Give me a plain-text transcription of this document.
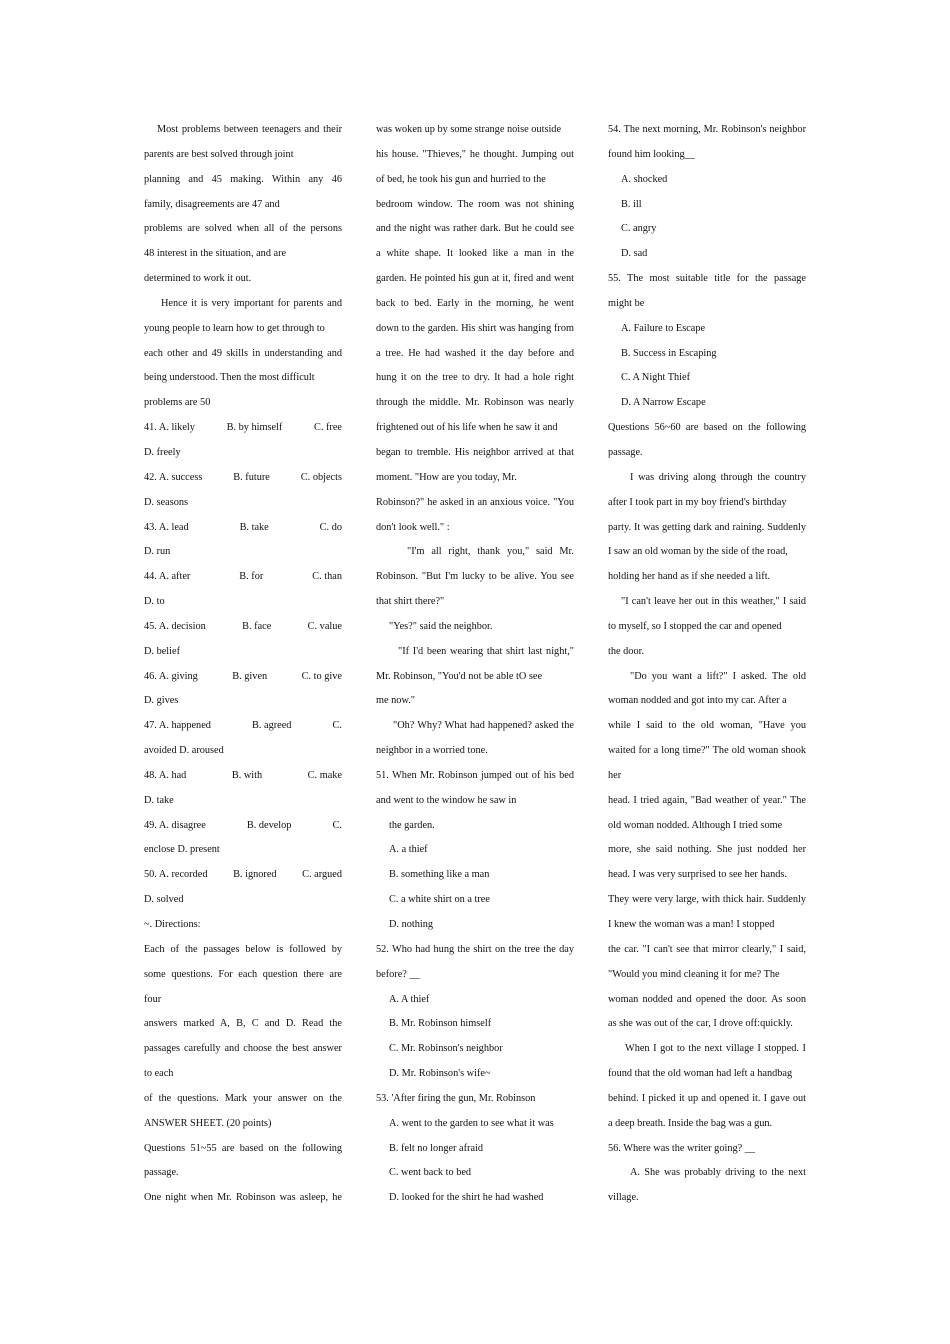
Most problems between teenagers and their
parents are best solved through joint
planning and 45 making. Within any 46
family, disagreements are 47 and
problems are solved when all of the persons
48 interest in the situation, and are
determined to work it out.
Hence it is very important for parents and
young people to learn how to get through to
each other and 49 skills in understanding and
being understood. Then the most difficult
problems are 50
41. A. likely	B. by himself	C. free
D. freely
42. A. success	B. future	C. objects
D. seasons
43. A. lead	B. take	C. do
D. run
44. A. after	B. for	C. than
D. to
45. A. decision	B. face	C. value
D. belief
46. A. giving	B. given	C. to give
D. gives
47. A. happened	B. agreed	C.
avoided D. aroused
48. A. had	B. with	C. make
D. take
49. A. disagree	B. develop	C.
enclose D. present
50. A. recorded B. ignored C. argued
D. solved
~. Directions:
Each of the passages below is followed by
some questions. For each question there are
four
answers marked A, B, C and D. Read the
passages carefully and choose the best answer
to each
of the questions. Mark your answer on the
ANSWER SHEET. (20 points)
Questions 51~55 are based on the following
passage.
One night when Mr. Robinson was asleep, he
was woken up by some strange noise outside
his house. "Thieves," he thought. Jumping out
of bed, he took his gun and hurried to the
bedroom window. The room was not shining
and the night was rather dark. But he could see
a white shape. It looked like a man in the
garden. He pointed his gun at it, fired and went
back to bed. Early in the morning, he went
down to the garden. His shirt was hanging from
a tree. He had washed it the day before and
hung it on the tree to dry. It had a hole right
through the middle. Mr. Robinson was nearly
frightened out of his life when he saw it and
began to tremble. His neighbor arrived at that
moment. "How are you today, Mr.
Robinson?" he asked in an anxious voice. "You
don't look well." :
"I'm all right, thank you," said Mr.
Robinson. "But I'm lucky to be alive. You see
that shirt there?"
"Yes?" said the neighbor.
"If I'd been wearing that shirt last night,"
Mr. Robinson, "You'd not be able tO see
me now."
"Oh? Why? What had happened? asked the
neighbor in a worried tone.
51. When Mr. Robinson jumped out of his bed
and went to the window he saw in
the garden.
A. a thief
B. something like a man
C. a white shirt on a tree
D. nothing
52. Who had hung the shirt on the tree the day
before? __
A. A thief
B. Mr. Robinson himself
C. Mr. Robinson's neighbor
D. Mr. Robinson's wife~
53. 'After firing the gun, Mr. Robinson
A. went to the garden to see what it was
B. felt no longer afraid
C. went back to bed
D. looked for the shirt he had washed
54. The next morning, Mr. Robinson's neighbor
found him looking__
A. shocked
B. ill
C. angry
D. sad
55. The most suitable title for the passage
might be
A. Failure to Escape
B. Success in Escaping
C. A Night Thief
D. A Narrow Escape
Questions 56~60 are based on the following
passage.
I was driving along through the country
after I took part in my boy friend's birthday
party. It was getting dark and raining. Suddenly
I saw an old woman by the side of the road,
holding her hand as if she needed a lift.
"I can't leave her out in this weather," I said
to myself, so I stopped the car and opened
the door.
"Do you want a lift?" I asked. The old
woman nodded and got into my car. After a
while I said to the old woman, "Have you
waited for a long time?" The old woman shook
her
head. I tried again, "Bad weather of year." The
old woman nodded. Although I tried some
more, she said nothing. She just nodded her
head. I was very surprised to see her hands.
They were very large, with thick hair. Suddenly
I knew the woman was a man! I stopped
the car. "I can't see that mirror clearly," I said,
"Would you mind cleaning it for me? The
woman nodded and opened the door. As soon
as she was out of the car, I drove off:quickly.
When I got to the next village I stopped. I
found that the old woman had left a handbag
behind. I picked it up and opened it. I gave out
a deep breath. Inside the bag was a gun.
56. Where was the writer going? __
A. She was probably driving to the next
village.
